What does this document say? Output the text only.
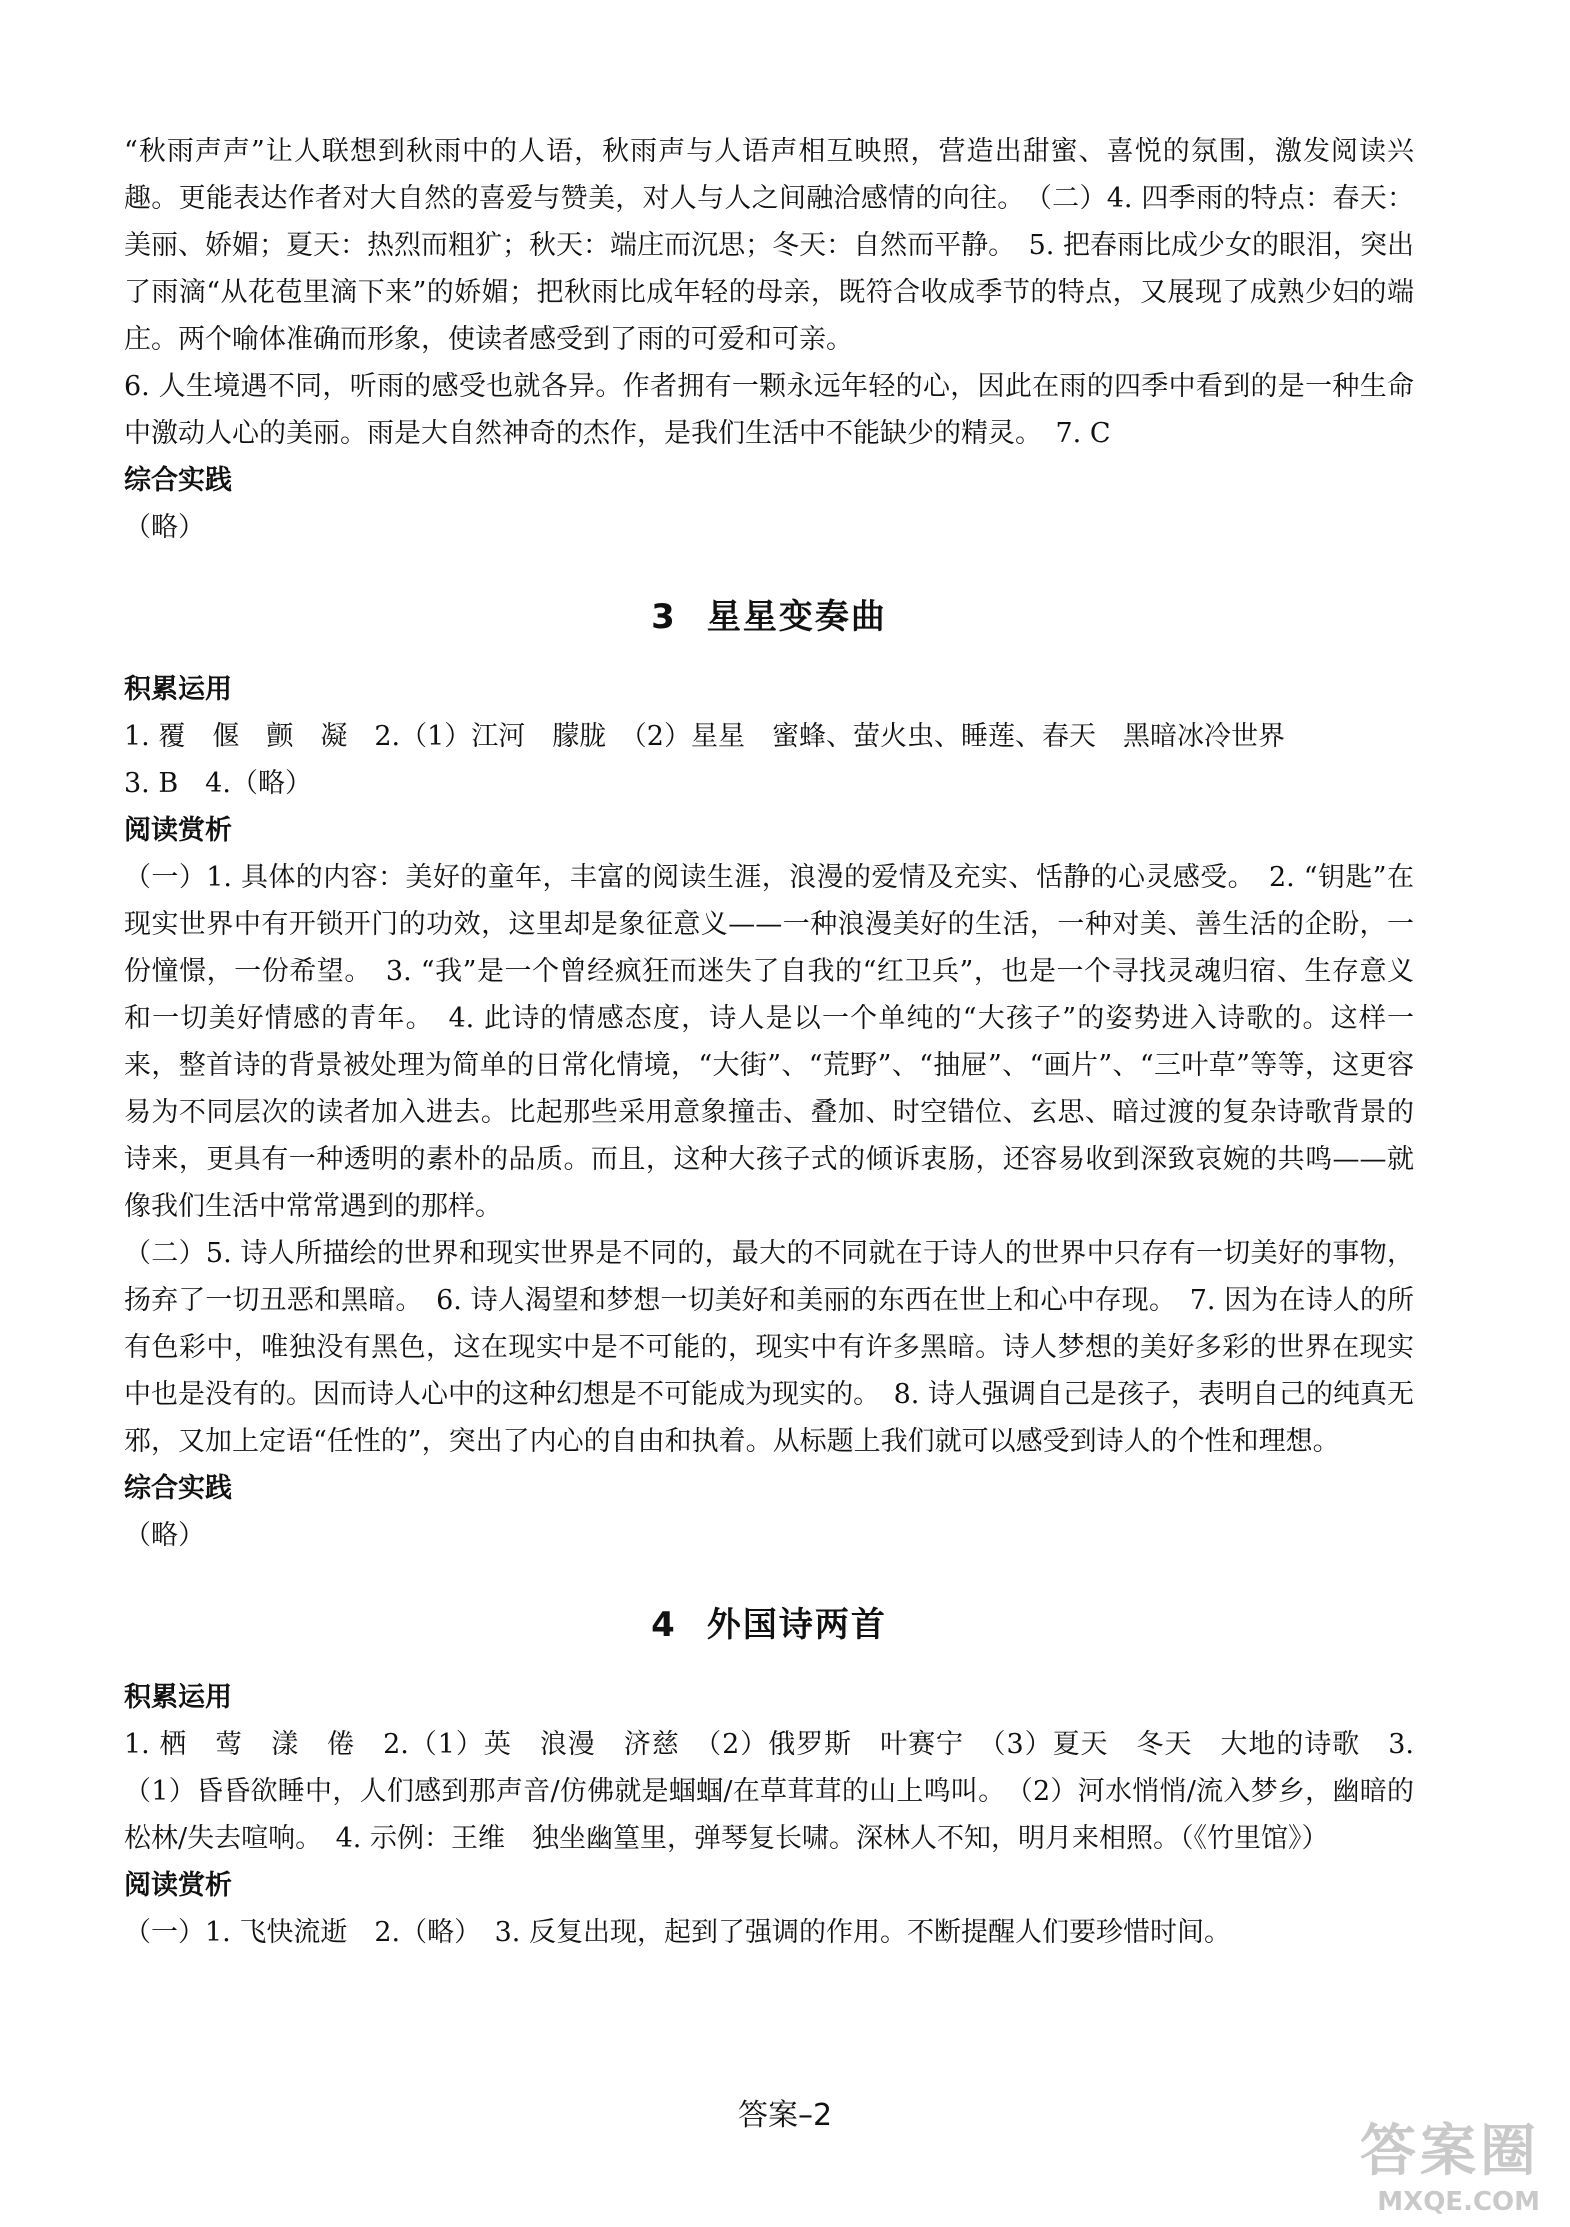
“秋雨声声”让人联想到秋雨中的人语，秋雨声与人语声相互映照，营造出甜蜜、喜悦的氛围，激发阅读兴趣。更能表达作者对大自然的喜爱与赞美，对人与人之间融洽感情的向往。　（二）4. 四季雨的特点：春天：美丽、娇媚；夏天：热烈而粗犷；秋天：端庄而沉思；冬天：自然而平静。　5. 把春雨比成少女的眼泪，突出了雨滴“从花苞里滴下来”的娇媚；把秋雨比成年轻的母亲，既符合收成季节的特点，又展现了成熟少妇的端庄。两个喻体准确而形象，使读者感受到了雨的可爱和可亲。

6. 人生境遇不同，听雨的感受也就各异。作者拥有一颗永远年轻的心，因此在雨的四季中看到的是一种生命中激动人心的美丽。雨是大自然神奇的杰作，是我们生活中不能缺少的精灵。　7. C

综合实践

（略）

3 星星变奏曲
积累运用

1. 覆　偃　颤　凝　2.（1）江河　朦胧　（2）星星　蜜蜂、萤火虫、睡莲、春天　黑暗冰冷世界

3. B　4.（略）

阅读赏析

（一）1. 具体的内容：美好的童年，丰富的阅读生涯，浪漫的爱情及充实、恬静的心灵感受。　2. “钥匙”在现实世界中有开锁开门的功效，这里却是象征意义——一种浪漫美好的生活，一种对美、善生活的企盼，一份憧憬，一份希望。　3. “我”是一个曾经疯狂而迷失了自我的“红卫兵”，也是一个寻找灵魂归宿、生存意义和一切美好情感的青年。　4. 此诗的情感态度，诗人是以一个单纯的“大孩子”的姿势进入诗歌的。这样一来，整首诗的背景被处理为简单的日常化情境，“大街”、“荒野”、“抽屉”、“画片”、“三叶草”等等，这更容易为不同层次的读者加入进去。比起那些采用意象撞击、叠加、时空错位、玄思、暗过渡的复杂诗歌背景的诗来，更具有一种透明的素朴的品质。而且，这种大孩子式的倾诉衷肠，还容易收到深致哀婉的共鸣——就像我们生活中常常遇到的那样。

（二）5. 诗人所描绘的世界和现实世界是不同的，最大的不同就在于诗人的世界中只存有一切美好的事物，扬弃了一切丑恶和黑暗。　6. 诗人渴望和梦想一切美好和美丽的东西在世上和心中存现。　7. 因为在诗人的所有色彩中，唯独没有黑色，这在现实中是不可能的，现实中有许多黑暗。诗人梦想的美好多彩的世界在现实中也是没有的。因而诗人心中的这种幻想是不可能成为现实的。　8. 诗人强调自己是孩子，表明自己的纯真无邪，又加上定语“任性的”，突出了内心的自由和执着。从标题上我们就可以感受到诗人的个性和理想。

综合实践

（略）

4 外国诗两首
积累运用

1. 栖　莺　漾　倦　2.（1）英　浪漫　济慈　（2）俄罗斯　叶赛宁　（3）夏天　冬天　大地的诗歌　3.（1）昏昏欲睡中，人们感到那声音/仿佛就是蝈蝈/在草茸茸的山上鸣叫。　（2）河水悄悄/流入梦乡，幽暗的松林/失去喧响。　4. 示例：王维　独坐幽篁里，弹琴复长啸。深林人不知，明月来相照。（《竹里馆》）

阅读赏析

（一）1. 飞快流逝　2.（略）　3. 反复出现，起到了强调的作用。不断提醒人们要珍惜时间。

答案–2
答案圈
MXQE.COM
